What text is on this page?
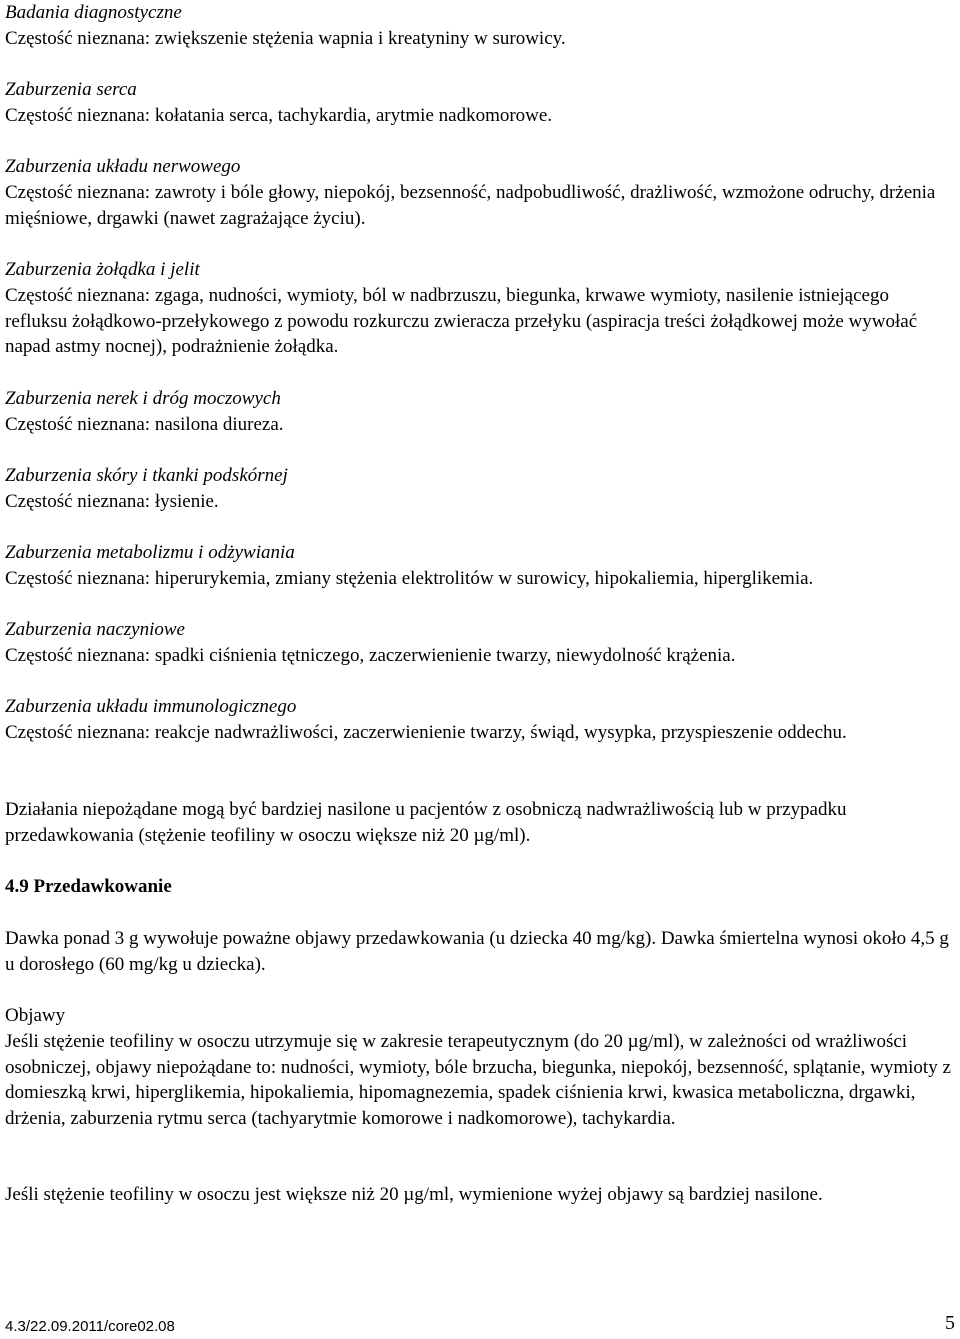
Badania diagnostyczne

Częstość nieznana: zwiększenie stężenia wapnia i kreatyniny w surowicy.

Zaburzenia serca

Częstość nieznana: kołatania serca, tachykardia, arytmie nadkomorowe.

Zaburzenia układu nerwowego

Częstość nieznana: zawroty i bóle głowy, niepokój, bezsenność, nadpobudliwość, drażliwość, wzmożone odruchy, drżenia mięśniowe, drgawki (nawet zagrażające życiu).

Zaburzenia żołądka i jelit

Częstość nieznana: zgaga, nudności, wymioty, ból w nadbrzuszu, biegunka, krwawe wymioty, nasilenie istniejącego refluksu żołądkowo-przełykowego z powodu rozkurczu zwieracza przełyku (aspiracja treści żołądkowej może wywołać napad astmy nocnej), podrażnienie żołądka.

Zaburzenia nerek i dróg moczowych

Częstość nieznana: nasilona diureza.

Zaburzenia skóry i tkanki podskórnej

Częstość nieznana: łysienie.

Zaburzenia metabolizmu i odżywiania

Częstość nieznana: hiperurykemia, zmiany stężenia elektrolitów w surowicy, hipokaliemia, hiperglikemia.

Zaburzenia naczyniowe

Częstość nieznana: spadki ciśnienia tętniczego, zaczerwienienie twarzy, niewydolność krążenia.

Zaburzenia układu immunologicznego

Częstość nieznana: reakcje nadwrażliwości, zaczerwienienie twarzy, świąd, wysypka, przyspieszenie oddechu.

Działania niepożądane mogą być bardziej nasilone u pacjentów z osobniczą nadwrażliwością lub w przypadku przedawkowania (stężenie teofiliny w osoczu większe niż 20 µg/ml).

4.9 Przedawkowanie

Dawka ponad 3 g wywołuje poważne objawy przedawkowania (u dziecka 40 mg/kg). Dawka śmiertelna wynosi około 4,5 g u dorosłego (60 mg/kg u dziecka).

Objawy

Jeśli stężenie teofiliny w osoczu utrzymuje się w zakresie terapeutycznym (do 20 µg/ml), w zależności od wrażliwości osobniczej, objawy niepożądane to: nudności, wymioty, bóle brzucha, biegunka, niepokój, bezsenność, splątanie, wymioty z domieszką krwi, hiperglikemia, hipokaliemia, hipomagnezemia, spadek ciśnienia krwi, kwasica metaboliczna, drgawki, drżenia, zaburzenia rytmu serca (tachyarytmie komorowe i nadkomorowe), tachykardia.

Jeśli stężenie teofiliny w osoczu jest większe niż 20 µg/ml, wymienione wyżej objawy są bardziej nasilone.

4.3/22.09.2011/core02.08	5
